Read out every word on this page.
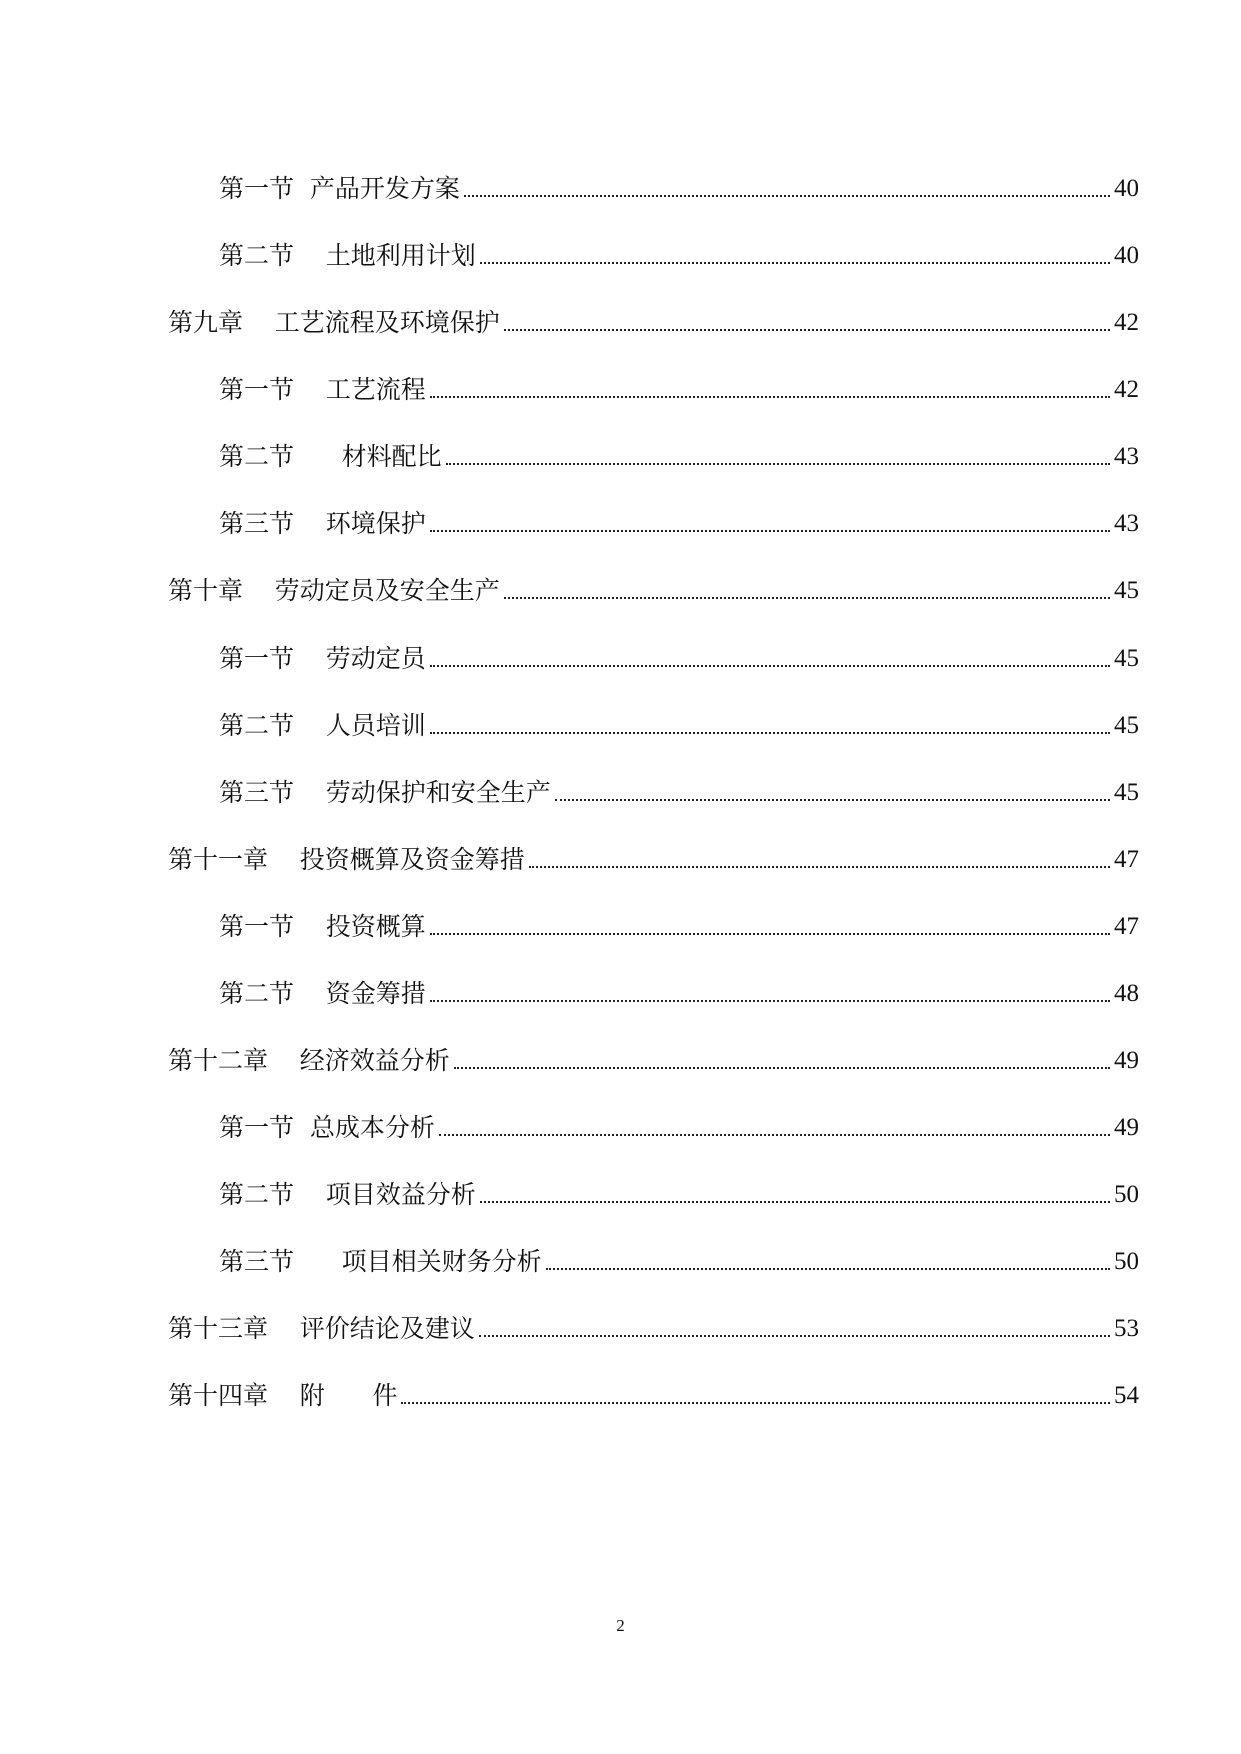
第一节  产品开发方案	40
第二节    土地利用计划	40
第九章    工艺流程及环境保护	42
第一节    工艺流程	42
第二节      材料配比	43
第三节    环境保护	43
第十章    劳动定员及安全生产	45
第一节    劳动定员	45
第二节    人员培训	45
第三节    劳动保护和安全生产	45
第十一章    投资概算及资金筹措	47
第一节    投资概算	47
第二节    资金筹措	48
第十二章    经济效益分析	49
第一节  总成本分析	49
第二节    项目效益分析	50
第三节      项目相关财务分析	50
第十三章    评价结论及建议	53
第十四章    附      件	54
2
